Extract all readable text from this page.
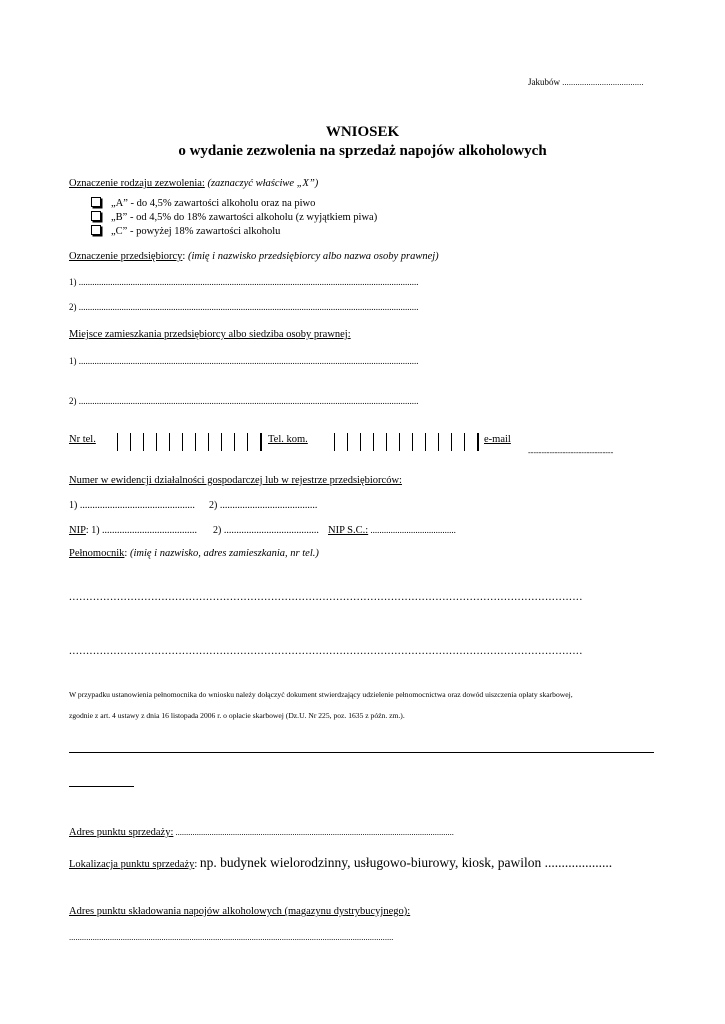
Jakubów .....................................
WNIOSEK
o wydanie zezwolenia na sprzedaż napojów alkoholowych
Oznaczenie rodzaju zezwolenia: (zaznaczyć właściwe „X”)
„A” - do 4,5% zawartości alkoholu oraz na piwo
„B” - od 4,5% do 18% zawartości alkoholu (z wyjątkiem piwa)
„C” - powyżej 18% zawartości alkoholu
Oznaczenie przedsiębiorcy: (imię i nazwisko przedsiębiorcy albo nazwa osoby prawnej)
1) .......................................................................................................................................................
2) .......................................................................................................................................................
Miejsce zamieszkania przedsiębiorcy albo siedziba osoby prawnej:
1) .......................................................................................................................................................
2) .......................................................................................................................................................
Nr tel.	Tel. kom.	e-mail
--------------------------------
Numer w ewidencji działalności gospodarczej lub w rejestrze przedsiębiorców:
1) .............................................. 2) .......................................
NIP: 1) ...................................... 2) ...................................... NIP S.C.: ......................................
Pełnomocnik: (imię i nazwisko, adres zamieszkania, nr tel.)
......................................................................................................................................................
......................................................................................................................................................
W przypadku ustanowienia pełnomocnika do wniosku należy dołączyć dokument stwierdzający udzielenie pełnomocnictwa oraz dowód uiszczenia opłaty skarbowej,
zgodnie z art. 4 ustawy z dnia 16 listopada 2006 r. o opłacie skarbowej (Dz.U. Nr 225, poz. 1635 z późn. zm.).
Adres punktu sprzedaży: ...................................................................................................................................
Lokalizacja punktu sprzedaży: np. budynek wielorodzinny, usługowo-biurowy, kiosk, pawilon ....................
Adres punktu składowania napojów alkoholowych (magazynu dystrybucyjnego):
.......................................................................................................................................................
